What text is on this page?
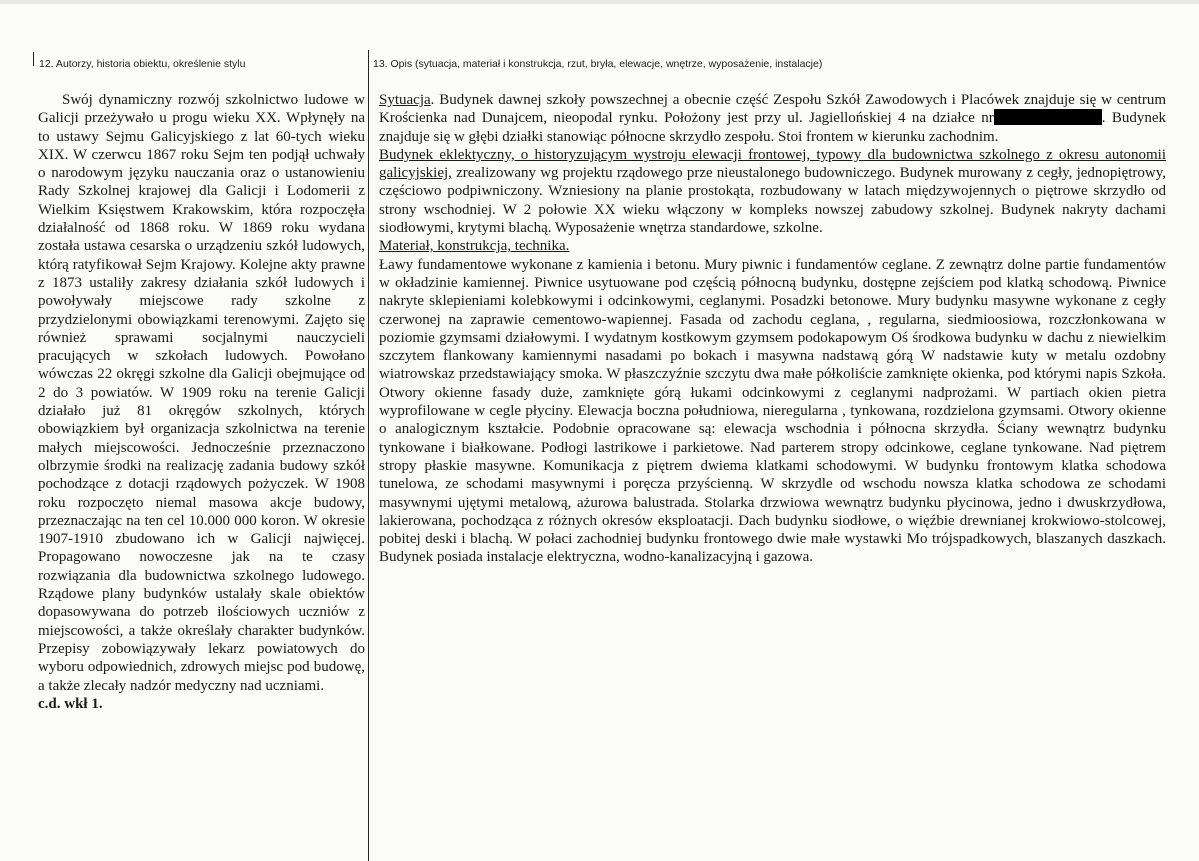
12. Autorzy, historia obiektu, określenie stylu	13. Opis (sytuacja, materiał i konstrukcja, rzut, bryła, elewacje, wnętrze, wyposażenie, instalacje)

Swój dynamiczny rozwój szkolnictwo ludowe w Galicji przeżywało u progu wieku XX. Wpłynęły na to ustawy Sejmu Galicyjskiego z lat 60-tych wieku XIX. W czerwcu 1867 roku Sejm ten podjął uchwały o narodowym języku nauczania oraz o ustanowieniu Rady Szkolnej krajowej dla Galicji i Lodomerii z Wielkim Księstwem Krakowskim, która rozpoczęła działalność od 1868 roku. W 1869 roku wydana została ustawa cesarska o urządzeniu szkół ludowych, którą ratyfikował Sejm Krajowy. Kolejne akty prawne z 1873 ustaliły zakresy działania szkół ludowych i powoływały miejscowe rady szkolne z przydzielonymi obowiązkami terenowymi. Zajęto się również sprawami socjalnymi nauczycieli pracujących w szkołach ludowych. Powołano wówczas 22 okręgi szkolne dla Galicji obejmujące od 2 do 3 powiatów. W 1909 roku na terenie Galicji działało już 81 okręgów szkolnych, których obowiązkiem był organizacja szkolnictwa na terenie małych miejscowości. Jednocześnie przeznaczono olbrzymie środki na realizację zadania budowy szkół pochodzące z dotacji rządowych pożyczek. W 1908 roku rozpoczęto niemal masowa akcje budowy, przeznaczając na ten cel 10.000 000 koron. W okresie 1907-1910 zbudowano ich w Galicji najwięcej. Propagowano nowoczesne jak na te czasy rozwiązania dla budownictwa szkolnego ludowego. Rządowe plany budynków ustalały skale obiektów dopasowywana do potrzeb ilościowych uczniów z miejscowości, a także określały charakter budynków. Przepisy zobowiązywały lekarz powiatowych do wyboru odpowiednich, zdrowych miejsc pod budowę, a także zlecały nadzór medyczny nad uczniami.

c.d. wkł 1.

Sytuacja. Budynek dawnej szkoły powszechnej a obecnie część Zespołu Szkół Zawodowych i Placówek znajduje się w centrum Krościenka nad Dunajcem, nieopodal rynku. Położony jest przy ul. Jagiellońskiej 4 na działce nr	. Budynek znajduje się w głębi działki stanowiąc północne skrzydło zespołu. Stoi frontem w kierunku zachodnim.

Budynek eklektyczny, o historyzującym wystroju elewacji frontowej, typowy dla budownictwa szkolnego z okresu autonomii galicyjskiej, zrealizowany wg projektu rządowego prze nieustalonego budowniczego. Budynek murowany z cegły, jednopiętrowy, częściowo podpiwniczony. Wzniesiony na planie prostokąta, rozbudowany w latach międzywojennych o piętrowe skrzydło od strony wschodniej. W 2 połowie XX wieku włączony w kompleks nowszej zabudowy szkolnej. Budynek nakryty dachami siodłowymi, krytymi blachą. Wyposażenie wnętrza standardowe, szkolne.

Materiał, konstrukcja, technika.

Ławy fundamentowe wykonane z kamienia i betonu. Mury piwnic i fundamentów ceglane. Z zewnątrz dolne partie fundamentów w okładzinie kamiennej. Piwnice usytuowane pod częścią północną budynku, dostępne zejściem pod klatką schodową. Piwnice nakryte sklepieniami kolebkowymi i odcinkowymi, ceglanymi. Posadzki betonowe. Mury budynku masywne wykonane z cegły czerwonej na zaprawie cementowo-wapiennej. Fasada od zachodu ceglana, , regularna, siedmioosiowa, rozczłonkowana w poziomie gzymsami działowymi. I wydatnym kostkowym gzymsem podokapowym Oś środkowa budynku w dachu z niewielkim szczytem flankowany kamiennymi nasadami po bokach i masywna nadstawą górą W nadstawie kuty w metalu ozdobny wiatrowskaz przedstawiający smoka. W płaszczyźnie szczytu dwa małe półkoliście zamknięte okienka, pod którymi napis Szkoła. Otwory okienne fasady duże, zamknięte górą łukami odcinkowymi z ceglanymi nadprożami. W partiach okien pietra wyprofilowane w cegle płyciny. Elewacja boczna południowa, nieregularna , tynkowana, rozdzielona gzymsami. Otwory okienne o analogicznym kształcie. Podobnie opracowane są: elewacja wschodnia i północna skrzydła. Ściany wewnątrz budynku tynkowane i białkowane. Podłogi lastrikowe i parkietowe. Nad parterem stropy odcinkowe, ceglane tynkowane. Nad piętrem stropy płaskie masywne. Komunikacja z piętrem dwiema klatkami schodowymi. W budynku frontowym klatka schodowa tunelowa, ze schodami masywnymi i poręcza przyścienną. W skrzydle od wschodu nowsza klatka schodowa ze schodami masywnymi ujętymi metalową, ażurowa balustrada. Stolarka drzwiowa wewnątrz budynku płycinowa, jedno i dwuskrzydłowa, lakierowana, pochodząca z różnych okresów eksploatacji. Dach budynku siodłowe, o więźbie drewnianej krokwiowo-stolcowej, pobitej deski i blachą. W połaci zachodniej budynku frontowego dwie małe wystawki Mo trójspadkowych, blaszanych daszkach. Budynek posiada instalacje elektryczna, wodno-kanalizacyjną i gazowa.
